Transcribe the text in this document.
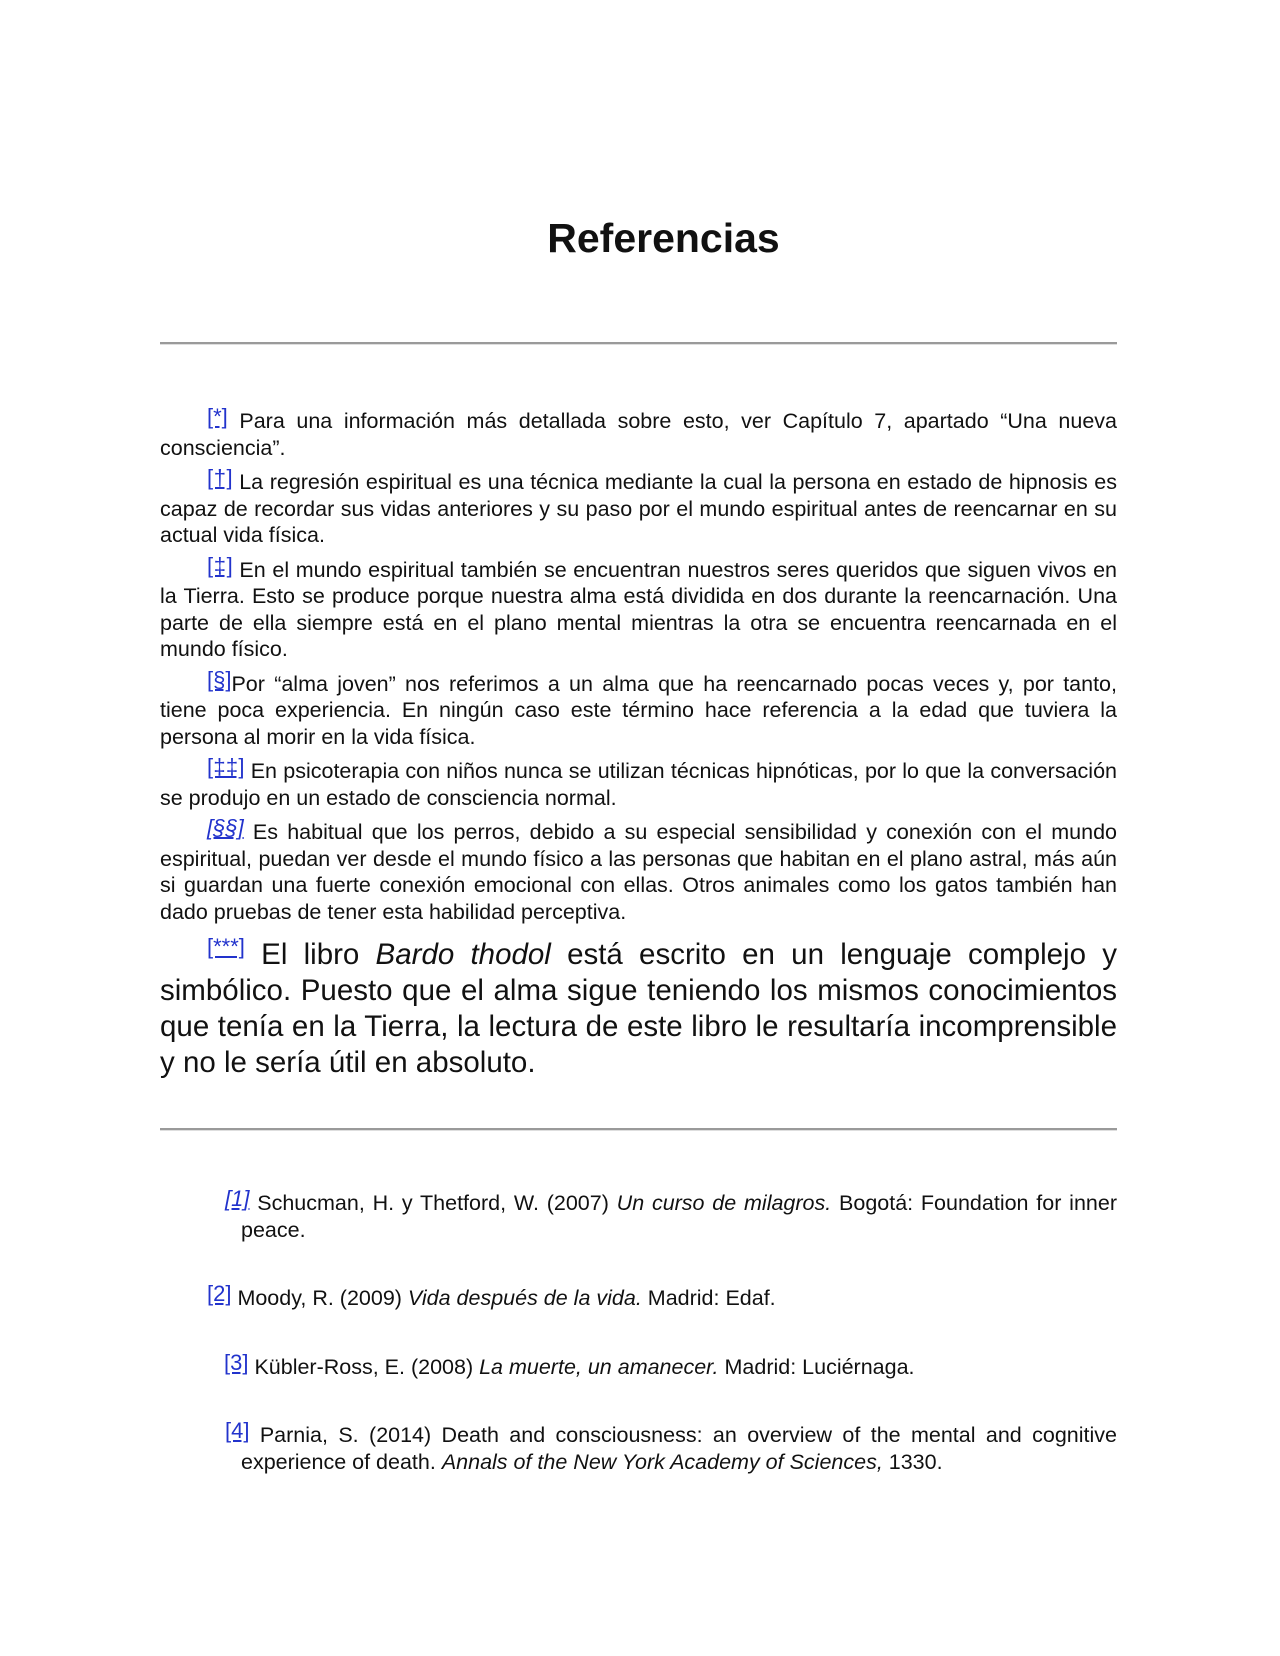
Referencias

[*] Para una información más detallada sobre esto, ver Capítulo 7, apartado “Una nueva consciencia”.

[†] La regresión espiritual es una técnica mediante la cual la persona en estado de hipnosis es capaz de recordar sus vidas anteriores y su paso por el mundo espiritual antes de reencarnar en su actual vida física.

[‡] En el mundo espiritual también se encuentran nuestros seres queridos que siguen vivos en la Tierra. Esto se produce porque nuestra alma está dividida en dos durante la reencarnación. Una parte de ella siempre está en el plano mental mientras la otra se encuentra reencarnada en el mundo físico.

[§]Por “alma joven” nos referimos a un alma que ha reencarnado pocas veces y, por tanto, tiene poca experiencia. En ningún caso este término hace referencia a la edad que tuviera la persona al morir en la vida física.

[‡‡] En psicoterapia con niños nunca se utilizan técnicas hipnóticas, por lo que la conversación se produjo en un estado de consciencia normal.

[§§] Es habitual que los perros, debido a su especial sensibilidad y conexión con el mundo espiritual, puedan ver desde el mundo físico a las personas que habitan en el plano astral, más aún si guardan una fuerte conexión emocional con ellas. Otros animales como los gatos también han dado pruebas de tener esta habilidad perceptiva.

[***] El libro Bardo thodol está escrito en un lenguaje complejo y simbólico. Puesto que el alma sigue teniendo los mismos conocimientos que tenía en la Tierra, la lectura de este libro le resultaría incomprensible y no le sería útil en absoluto.

[1] Schucman, H. y Thetford, W. (2007) Un curso de milagros. Bogotá: Foundation for inner peace.

[2] Moody, R. (2009) Vida después de la vida. Madrid: Edaf.

[3] Kübler-Ross, E. (2008) La muerte, un amanecer. Madrid: Luciérnaga.

[4] Parnia, S. (2014) Death and consciousness: an overview of the mental and cognitive experience of death. Annals of the New York Academy of Sciences, 1330.
